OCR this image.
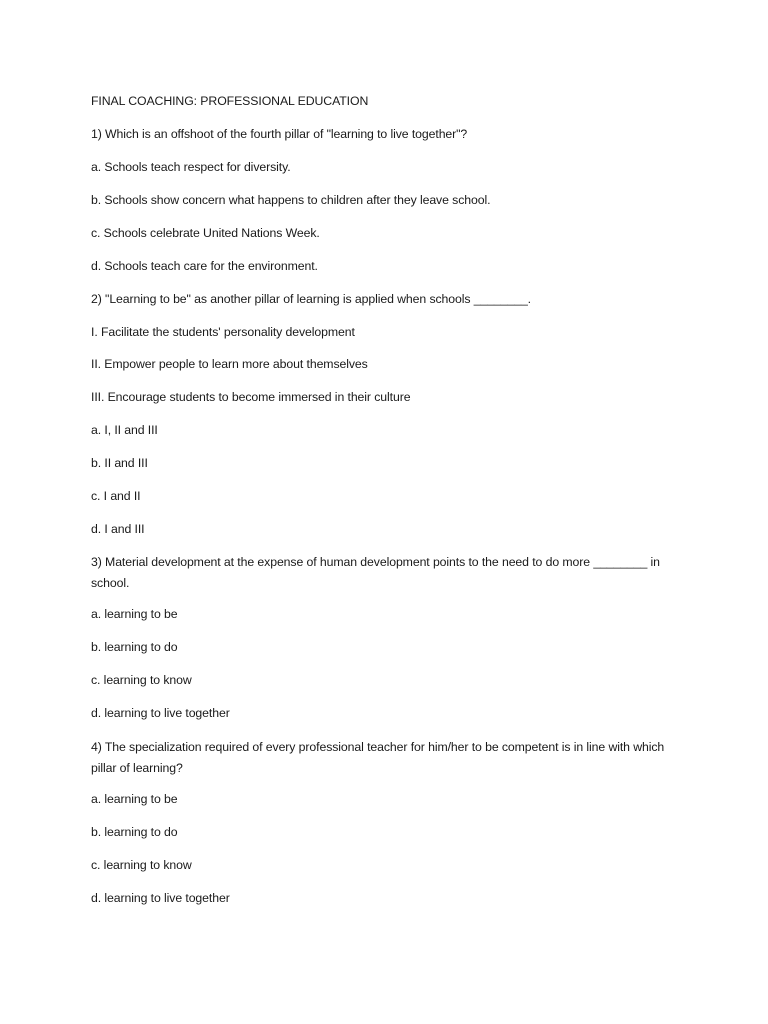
FINAL COACHING: PROFESSIONAL EDUCATION
1) Which is an offshoot of the fourth pillar of "learning to live together"?
a. Schools teach respect for diversity.
b. Schools show concern what happens to children after they leave school.
c. Schools celebrate United Nations Week.
d. Schools teach care for the environment.
2) "Learning to be" as another pillar of learning is applied when schools ________.
I. Facilitate the students' personality development
II. Empower people to learn more about themselves
III. Encourage students to become immersed in their culture
a. I, II and III
b. II and III
c. I and II
d. I and III
3) Material development at the expense of human development points to the need to do more ________ in school.
a. learning to be
b. learning to do
c. learning to know
d. learning to live together
4) The specialization required of every professional teacher for him/her to be competent is in line with which pillar of learning?
a. learning to be
b. learning to do
c. learning to know
d. learning to live together
